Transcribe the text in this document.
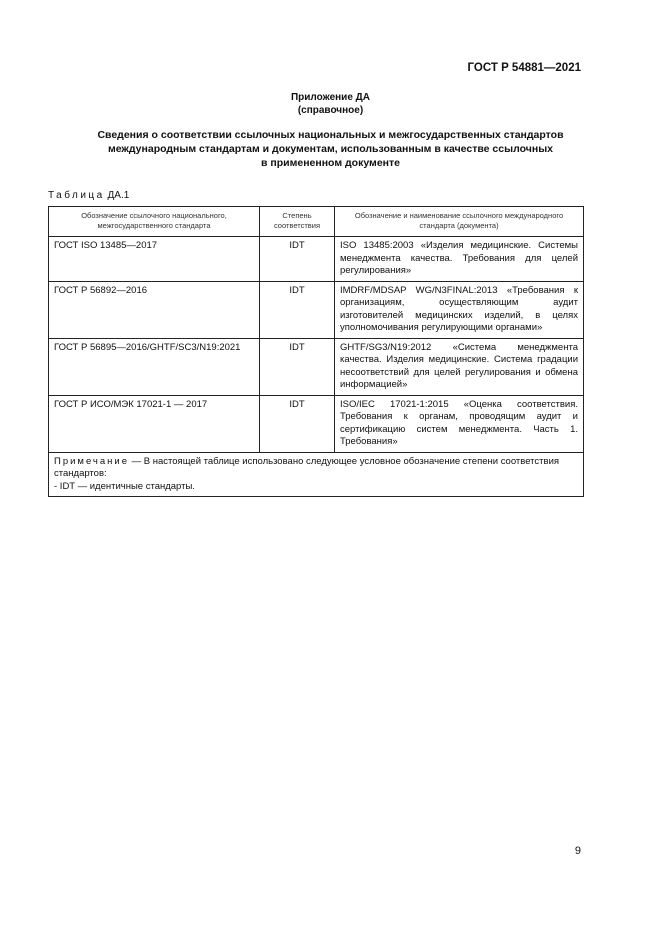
ГОСТ Р 54881—2021
Приложение ДА
(справочное)
Сведения о соответствии ссылочных национальных и межгосударственных стандартов
международным стандартам и документам, использованным в качестве ссылочных
в примененном документе
Таблица ДА.1
Обозначение ссылочного национального, межгосударственного стандарта	Степень соответствия	Обозначение и наименование ссылочного международного стандарта (документа)
ГОСТ ISO 13485—2017	IDT	ISO 13485:2003 «Изделия медицинские. Системы менеджмента качества. Требования для целей регулирования»
ГОСТ Р 56892—2016	IDT	IMDRF/MDSAP WG/N3FINAL:2013 «Требования к организациям, осуществляющим аудит изготовителей медицинских изделий, в целях уполномочивания регулирующими органами»
ГОСТ Р 56895—2016/GHTF/SC3/N19:2021	IDT	GHTF/SG3/N19:2012 «Система менеджмента качества. Изделия медицинские. Система градации несоответствий для целей регулирования и обмена информацией»
ГОСТ Р ИСО/МЭК 17021-1 — 2017	IDT	ISO/IEC 17021-1:2015 «Оценка соответствия. Требования к органам, проводящим аудит и сертификацию систем менеджмента. Часть 1. Требования»

Примечание — В настоящей таблице использовано следующее условное обозначение степени соответствия стандартов:
- IDT — идентичные стандарты.		
9
